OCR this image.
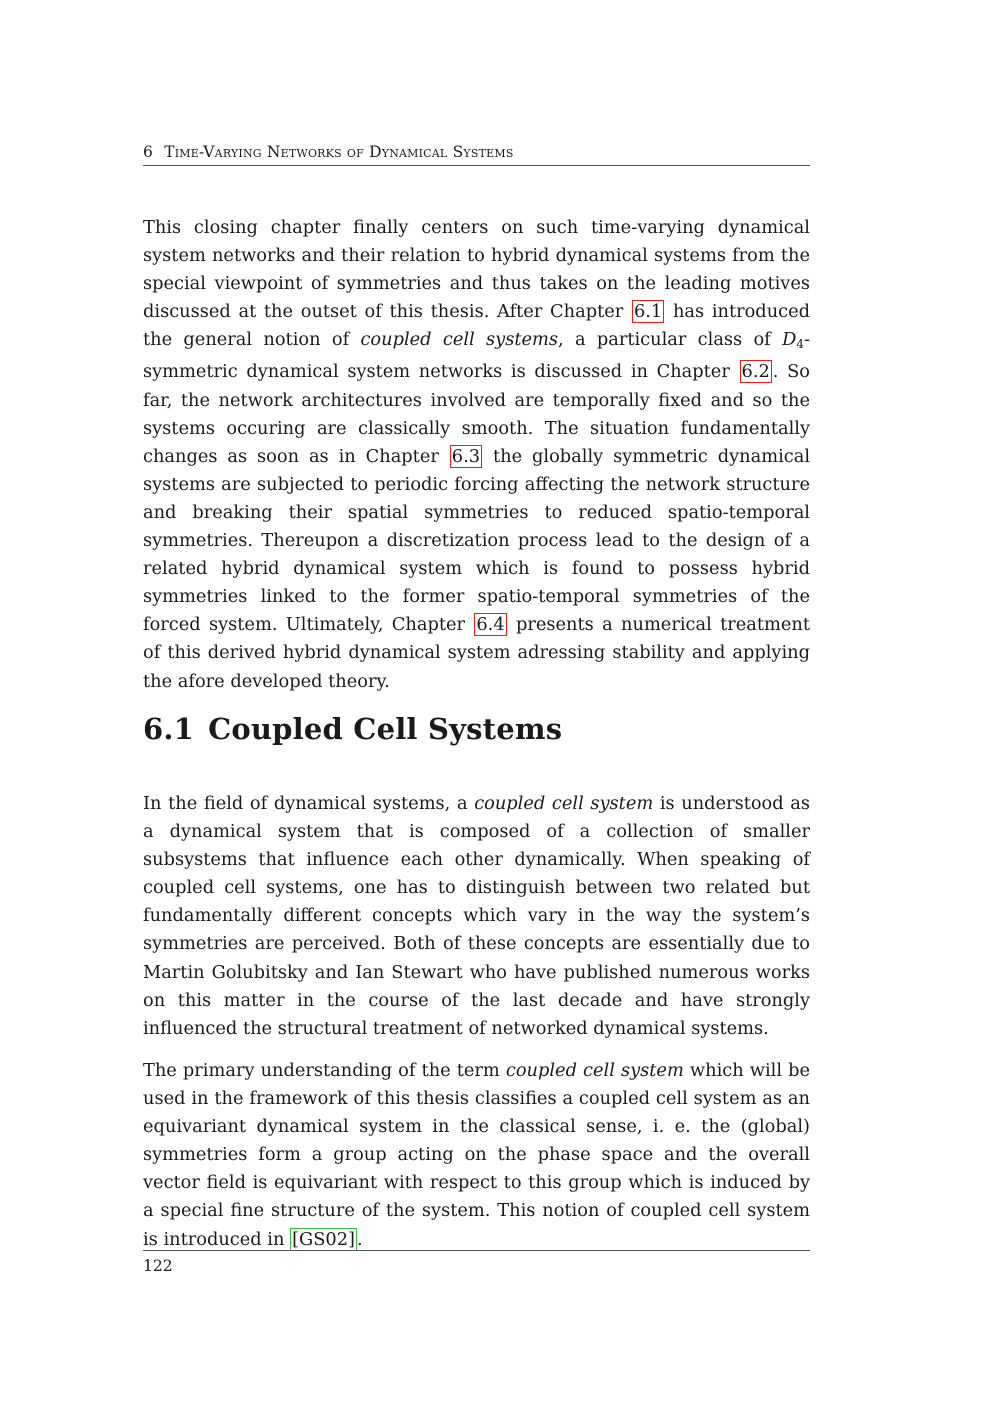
6 Time-Varying Networks of Dynamical Systems

This closing chapter finally centers on such time-varying dynamical system networks and their relation to hybrid dynamical systems from the special viewpoint of symmetries and thus takes on the leading motives discussed at the outset of this thesis. After Chapter 6.1 has introduced the general notion of coupled cell systems, a particular class of $D_4$-symmetric dynamical system networks is discussed in Chapter 6.2 . So far, the network architectures involved are temporally fixed and so the systems occuring are classically smooth. The situation fundamentally changes as soon as in Chapter 6.3 the globally symmetric dynamical systems are subjected to periodic forcing affecting the network structure and breaking their spatial symmetries to reduced spatio-temporal symmetries. Thereupon a discretization process lead to the design of a related hybrid dynamical system which is found to possess hybrid symmetries linked to the former spatio-temporal symmetries of the forced system. Ultimately, Chapter 6.4 presents a numerical treatment of this derived hybrid dynamical system adressing stability and applying the afore developed theory.

6.1 Coupled Cell Systems

In the field of dynamical systems, a coupled cell system is understood as a dynamical system that is composed of a collection of smaller subsystems that influence each other dynamically. When speaking of coupled cell systems, one has to distinguish between two related but fundamentally different concepts which vary in the way the system’s symmetries are perceived. Both of these concepts are essentially due to Martin Golubitsky and Ian Stewart who have published numerous works on this matter in the course of the last decade and have strongly influenced the structural treatment of networked dynamical systems.

The primary understanding of the term coupled cell system which will be used in the framework of this thesis classifies a coupled cell system as an equivariant dynamical system in the classical sense, i. e. the (global) symmetries form a group acting on the phase space and the overall vector field is equivariant with respect to this group which is induced by a special fine structure of the system. This notion of coupled cell system is introduced in [GS02] .

122
